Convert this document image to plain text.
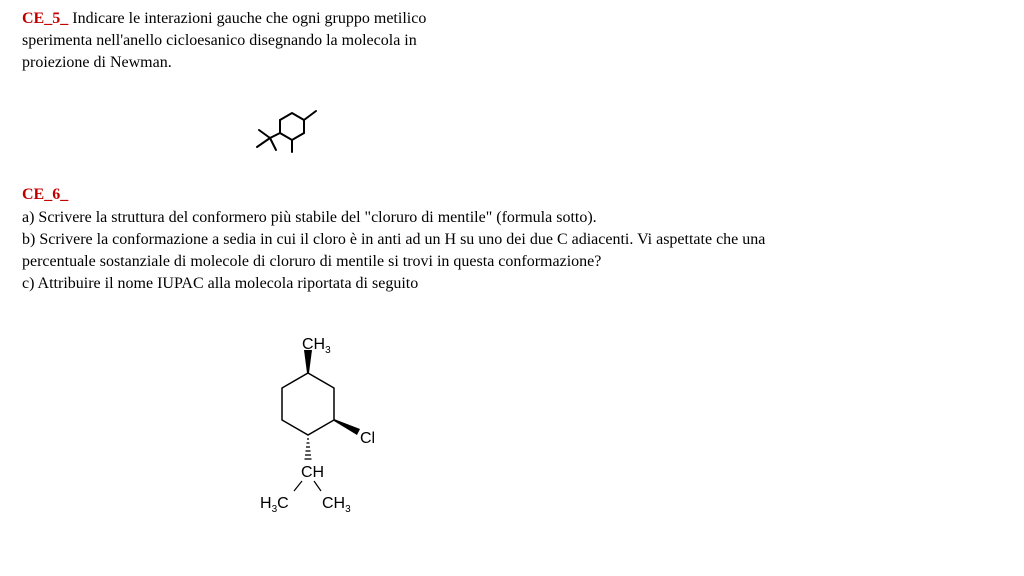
CE_5_ Indicare le interazioni gauche che ogni gruppo metilico
sperimenta nell'anello cicloesanico disegnando la molecola in
proiezione di Newman.

CE_6_

a) Scrivere la struttura del conformero più stabile del "cloruro di mentile" (formula sotto).
b) Scrivere la conformazione a sedia in cui il cloro è in anti ad un H su uno dei due C adiacenti. Vi aspettate che una
percentuale sostanziale di molecole di cloruro di mentile si trovi in questa conformazione?
c) Attribuire il nome IUPAC alla molecola riportata di seguito

$CH_3$
Cl
CH
$H_3C$ $CH_3$
